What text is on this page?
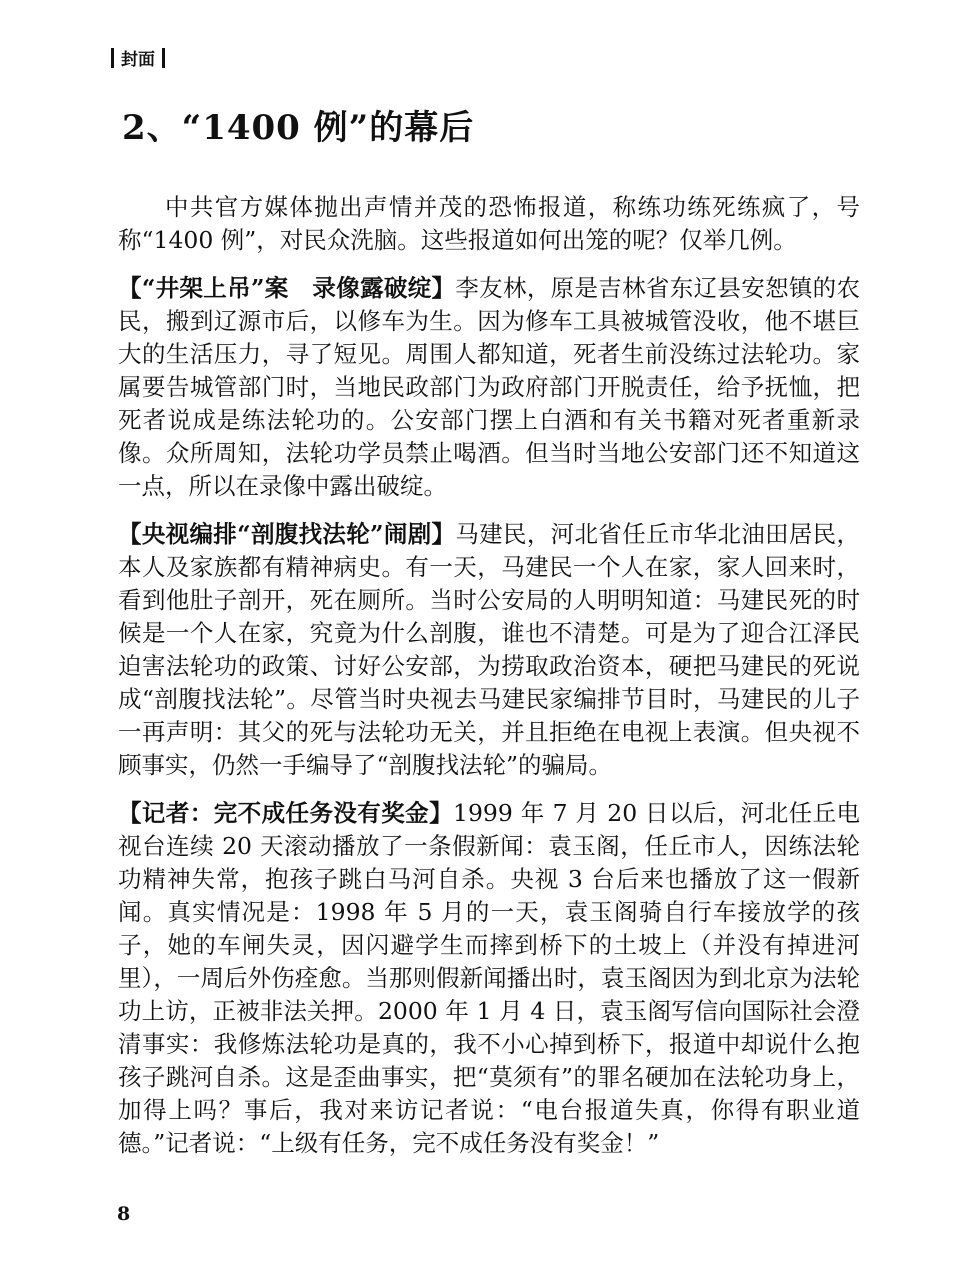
封面
2、“1400 例”的幕后

中共官方媒体抛出声情并茂的恐怖报道，称练功练死练疯了，号称“1400 例”，对民众洗脑。这些报道如何出笼的呢？仅举几例。

【“井架上吊”案　录像露破绽】李友林，原是吉林省东辽县安恕镇的农民，搬到辽源市后，以修车为生。因为修车工具被城管没收，他不堪巨大的生活压力，寻了短见。周围人都知道，死者生前没练过法轮功。家属要告城管部门时，当地民政部门为政府部门开脱责任，给予抚恤，把死者说成是练法轮功的。公安部门摆上白酒和有关书籍对死者重新录像。众所周知，法轮功学员禁止喝酒。但当时当地公安部门还不知道这一点，所以在录像中露出破绽。

【央视编排“剖腹找法轮”闹剧】马建民，河北省任丘市华北油田居民，本人及家族都有精神病史。有一天，马建民一个人在家，家人回来时，看到他肚子剖开，死在厕所。当时公安局的人明明知道：马建民死的时候是一个人在家，究竟为什么剖腹，谁也不清楚。可是为了迎合江泽民迫害法轮功的政策、讨好公安部，为捞取政治资本，硬把马建民的死说成“剖腹找法轮”。尽管当时央视去马建民家编排节目时，马建民的儿子一再声明：其父的死与法轮功无关，并且拒绝在电视上表演。但央视不顾事实，仍然一手编导了“剖腹找法轮”的骗局。

【记者：完不成任务没有奖金】1999 年 7 月 20 日以后，河北任丘电视台连续 20 天滚动播放了一条假新闻：袁玉阁，任丘市人，因练法轮功精神失常，抱孩子跳白马河自杀。央视 3 台后来也播放了这一假新闻。真实情况是：1998 年 5 月的一天，袁玉阁骑自行车接放学的孩子，她的车闸失灵，因闪避学生而摔到桥下的土坡上（并没有掉进河里），一周后外伤痊愈。当那则假新闻播出时，袁玉阁因为到北京为法轮功上访，正被非法关押。2000 年 1 月 4 日，袁玉阁写信向国际社会澄清事实：我修炼法轮功是真的，我不小心掉到桥下，报道中却说什么抱孩子跳河自杀。这是歪曲事实，把“莫须有”的罪名硬加在法轮功身上，加得上吗？事后，我对来访记者说：“电台报道失真，你得有职业道德。”记者说：“上级有任务，完不成任务没有奖金！”

8
